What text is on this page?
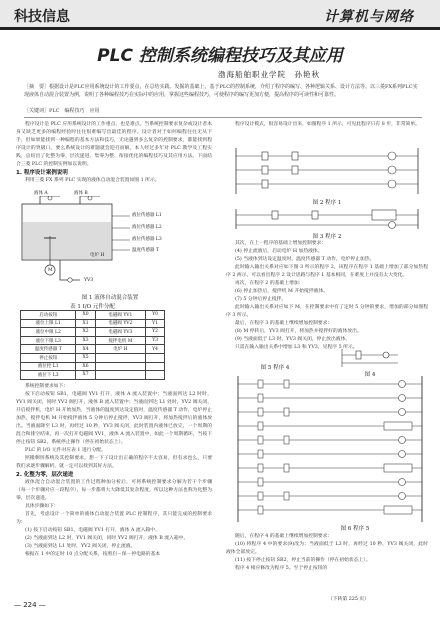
科技信息	计算机与网络
PLC 控制系统编程技巧及其应用
渤海船舶职业学院　孙艳秋
［摘　要］根据设计是PLC应用系统设计的工作要点，在总结实践、发掘的基础上，基于PLC的控制系统，介绍了程序的编写、各种逻辑关系、设计方法等。以三菱FX系列PLC实现液体自动混合装置为例，说明了各种编程技巧在实际中的应用，掌握这些编程技巧，可使程序的编写更加方便，提高程序的可读性和可靠性。
［关键词］PLC　编程技巧　应用
程序设计是 PLC 应用系统设计的工作重点，也是难点。当系统控制要求复杂或设计者本身又缺乏更多的编程经验时往往很难编写出最佳的程序。设计者对于如何编程往往无从下手，但如果能找到一种编程的基本方法和技巧，无论遇到多么复杂的控制要求，都能找到程序设计的突破口。要么系统设计的难题就会迎刃而解。本人经过多年对 PLC 教学及工程实践，总结出了化整为零、层次递进、集零为整、衔接优化的编程技巧及其应用方法。下面结合三菱 PLC 的控制实例加以说明。
1. 程序设计案例说明
利用三菱 FX 系列 PLC 实现的液体自动混合装置如图 1 所示。
液体 A	液体 B
液位传感器 L1
液位传感器 L2
液位传感器 L3
温度传感器 T
电炉 H
M
YV3
图 1 液体自动混合装置
表 1 I/O 元件分配
启动按钮	X0	电磁阀 YV1	Y0
液位上限 L1	X1	电磁阀 YV2	Y1
液位中限 L2	X2	电磁阀 YV3	Y2
液位下限 L3	X3	搅拌电机 M	Y3
温度传感器 T	X4	电炉 H	Y4
停止按钮	X5		
液位控 L1	X6		
液位下 L3	X7		
系统控制要求如下：
按下启动按钮 SB1，电磁阀 YV1 打开，液体 A 流入装置中；当液面到达 L2 时时，YV1 阀关闭，同时 YV2 阀打开，液体 B 流入装置中；当液面到达 L1 处时，YV2 阀关闭，开启搅拌机，电炉 H 开始加热，当液体的温度到达设定值时，温度传感器 T 动作，电炉停止加热，搅拌电机 M 开始搅拌液体 5 分钟后停止搅拌，YV3 阀打开，将加热搅拌后的液体放出。当液面降至 L3 时，再经过 10 秒，YV3 阀关闭，此时装置内液体已放完，一个周期的混合和排空结束，再一次打开电磁阀 YV1，液体 A 流入装置中，如此一个周期循环，当按下停止按钮 SB2，系统停止操作（停在初始状态上）。
PLC 的 I/O 元件对应表 1 进行分配。
照搬剩别系统及其控制要求，想一下子设计出正确的程序不太容易，但有求也么，只要我们求逐步骤解析，就一定可以找到其好方法。
2. 化整为零，层次递进
液体混合自动混合装置的工作过程种加分析后，可将系统控制要求分解为若干个步骤（每一个步骤对应一段程序），每一步都将大大降低其复杂程度，所以这种方法也称为化整为零，层次递进。
具体步骤如下：
首先，考虑设计一个简单的液体自动混合装置 PLC 控制程序，其只能完成的控制要求为：
(1) 按下启动按钮 SB1，电磁阀 YV1 打开，液体 A 流入箱中。
(2) 当液面到达 L2 时，YV1 阀关闭，同时 YV2 阀打开，液体 B 流入箱中。
(3) 当液面到达 L1 处时，YV2 阀关闭，停止流液。
根据在 1 中的定时 10 点分配关系，按照启－保－停电路的基本
程序设计模式，很容易设计出来，如图程序 1 所示，可见此程序只有 8 步，非常简单。
图 2 程序 1
图 3 程序 2
其次，在上一程序的基础上增加控制要求：
(4) 停止流液后，启动电炉 H 加热液体。
(5) 当液体到达设定温度时，温度传感器 T 动作，电炉停止加热。
此时输入输出关系对应如下图 3 所示的程序 2，该程序在程序 1 基础上增加了部分加热程序 2 两示，可以看出程序 2 设计思路与程序 1 基本相同，在难度上并没有太大变化。
再次，在程序 2 的基础上增加：
(6) 停止加热后，搅拌机 M 开始搅拌液体。
(7) 5 分钟后停止搅拌。
此时输入输出关系对应如下 M，在控制要求中有了定时 5 分钟的要求，增加的部分如图程序 3 所示。
最后，在程序 3 的基础上继续增加控制要求：
(8) M 停转后，YV3 阀打开，将加热并搅拌好的液体放出。
(9) 当液面低于 L3 时，YV3 阀关闭，停止放出液体。
只需在输入输出关系中增加 L3 和 YV3，见程序 5 所示。
图 4
图 5 程序 4
图 6 程序 5
随后，在程序 4 的基础上继续增加控制要求：
(10) 将程序 4 中的要求(9)改为：当液面低于 L3 时，再经过 10 秒，YV3 阀关闭，此时液体全部放完。
(11) 按下停止按钮 SB2，停止当前的操作（停在初始状态上）。
程序 4 相应修改为程序 5。至于停止按钮的
（下转第 225 页）
— 224 —
